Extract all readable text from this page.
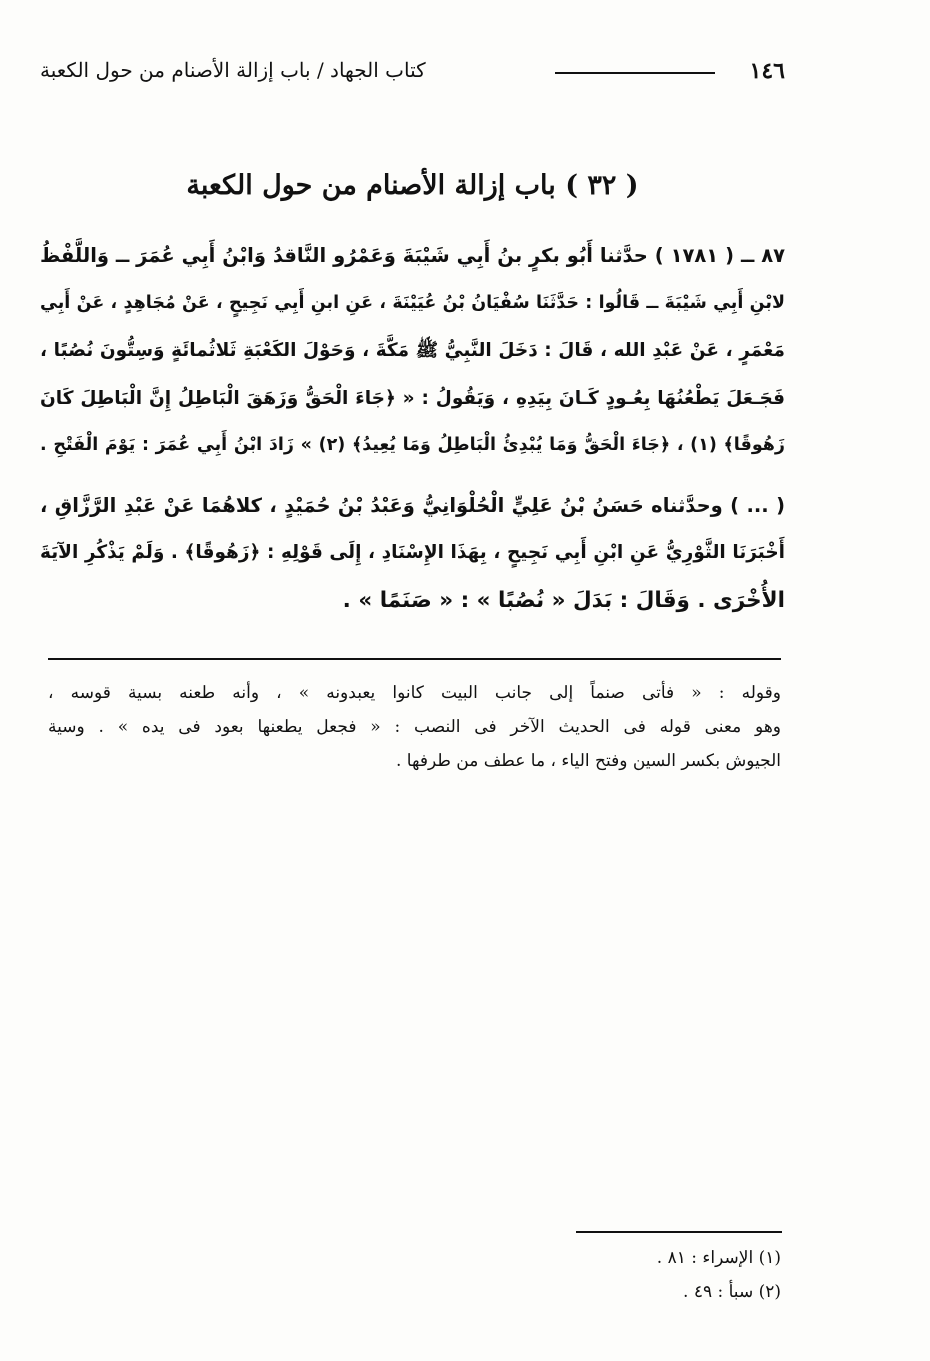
١٤٦
كتاب الجهاد / باب إزالة الأصنام من حول الكعبة
( ٣٢ ) باب إزالة الأصنام من حول الكعبة
٨٧ ــ ( ١٧٨١ ) حدَّثنا أَبُو بكرٍ بنُ أَبِي شَيْبَةَ وَعَمْرُو النَّاقدُ وَابْنُ أَبِي عُمَرَ ــ وَاللَّفْظُ
لابْنِ أَبِي شَيْبَةَ ــ قَالُوا : حَدَّثَنَا سُفْيَانُ بْنُ عُيَيْنَةَ ، عَنِ ابنِ أَبِي نَجِيحٍ ، عَنْ مُجَاهِدٍ ، عَنْ أَبِي
مَعْمَرٍ ، عَنْ عَبْدِ الله ، قَالَ : دَخَلَ النَّبِيُّ ﷺ مَكَّةَ ، وَحَوْلَ الكَعْبَةِ ثَلاثُمائَةٍ وَسِتُّونَ نُصُبًا ،
فَجَـعَلَ يَطْعُنُهَا بِعُـودٍ كَـانَ بِيَدِهِ ، وَيَقُولُ : « ﴿جَاءَ الْحَقُّ وَزَهَقَ الْبَاطِلُ إِنَّ الْبَاطِلَ كَانَ
زَهُوقًا﴾ (١) ، ﴿جَاءَ الْحَقُّ وَمَا يُبْدِئُ الْبَاطِلُ وَمَا يُعِيدُ﴾ (٢) » زَادَ ابْنُ أَبِي عُمَرَ : يَوْمَ الْفَتْحِ .
( ... ) وحدَّثناه حَسَنُ بْنُ عَلِيٍّ الْحُلْوَانِيُّ وَعَبْدُ بْنُ حُمَيْدٍ ، كلاهُمَا عَنْ عَبْدِ الرَّزَّاقِ ،
أَخْبَرَنَا الثَّوْرِيُّ عَنِ ابْنِ أَبِي نَجِيحٍ ، بِهَذَا الإِسْنَادِ ، إِلَى قَوْلِهِ : ﴿زَهُوقًا﴾ . وَلَمْ يَذْكُرِ الآيَةَ
الأُخْرَى . وَقَالَ : بَدَلَ « نُصُبًا » : « صَنَمًا » .
وقوله : « فأتى صنماً إلى جانب البيت كانوا يعبدونه » ، وأنه طعنه بسية قوسه ،
وهو معنى قوله فى الحديث الآخر فى النصب : « فجعل يطعنها بعود فى يده » . وسية
الجيوش بكسر السين وفتح الياء ، ما عطف من طرفها .
(١) الإسراء : ٨١ .
(٢) سبأ : ٤٩ .
